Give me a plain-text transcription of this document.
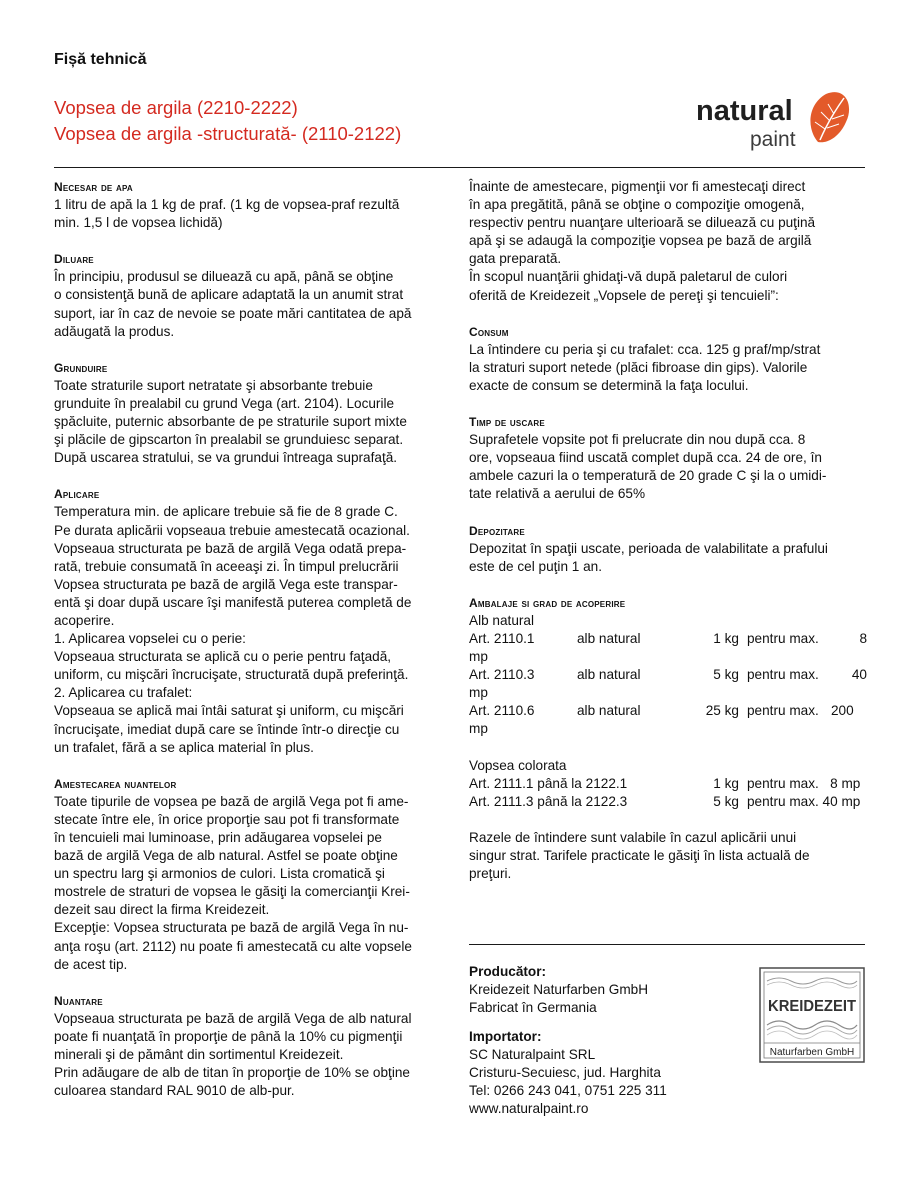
Fișă tehnică
Vopsea de argila (2210-2222)
Vopsea de argila -structurată- (2110-2122)
natural
paint

Necesar de apa

1 litru de apă la 1 kg de praf. (1 kg de vopsea-praf rezultă

min. 1,5 l de vopsea lichidă)

Diluare

În principiu, produsul se diluează cu apă, până se obţine

o consistenţă bună de aplicare adaptată la un anumit strat

suport, iar în caz de nevoie se poate mări cantitatea de apă

adăugată la produs.

Grunduire

Toate straturile suport netratate şi absorbante trebuie

grunduite în prealabil cu grund Vega (art. 2104). Locurile

şpăcluite, puternic absorbante de pe straturile suport mixte

şi plăcile de gipscarton în prealabil se grunduiesc separat.

După uscarea stratului, se va grundui întreaga suprafaţă.

Aplicare

Temperatura min. de aplicare trebuie să fie de 8 grade C.

Pe durata aplicării vopseaua trebuie amestecată ocazional.

Vopseaua structurata pe bază de argilă Vega odată prepa-

rată, trebuie consumată în aceeaşi zi. În timpul prelucrării

Vopsea structurata pe bază de argilă Vega este transpar-

entă şi doar după uscare îşi manifestă puterea completă de

acoperire.

1. Aplicarea vopselei cu o perie:

Vopseaua structurata se aplică cu o perie pentru faţadă,

uniform, cu mişcări încrucişate, structurată după preferinţă.

2. Aplicarea cu trafalet:

Vopseaua se aplică mai întâi saturat şi uniform, cu mişcări

încrucişate, imediat după care se întinde într-o direcţie cu

un trafalet, fără a se aplica material în plus.

Amestecarea nuantelor

Toate tipurile de vopsea pe bază de argilă Vega pot fi ame-

stecate între ele, în orice proporţie sau pot fi transformate

în tencuieli mai luminoase, prin adăugarea vopselei pe

bază de argilă Vega de alb natural. Astfel se poate obţine

un spectru larg şi armonios de culori. Lista cromatică şi

mostrele de straturi de vopsea le găsiţi la comercianţii Krei-

dezeit sau direct la firma Kreidezeit.

Excepţie: Vopsea structurata pe bază de argilă Vega în nu-

anţa roşu (art. 2112) nu poate fi amestecată cu alte vopsele

de acest tip.

Nuantare

Vopseaua structurata pe bază de argilă Vega de alb natural

poate fi nuanţată în proporţie de până la 10% cu pigmenţii

minerali şi de pământ din sortimentul Kreidezeit.

Prin adăugare de alb de titan în proporţie de 10% se obţine

culoarea standard RAL 9010 de alb-pur.

Înainte de amestecare, pigmenţii vor fi amestecaţi direct

în apa pregătită, până se obţine o compoziţie omogenă,

respectiv pentru nuanţare ulterioară se diluează cu puţină

apă şi se adaugă la compoziţie vopsea pe bază de argilă

gata preparată.

În scopul nuanţării ghidaţi-vă după paletarul de culori

oferită de Kreidezeit „Vopsele de pereţi şi tencuieli”:

Consum

La întindere cu peria şi cu trafalet: cca. 125 g praf/mp/strat

la straturi suport netede (plăci fibroase din gips). Valorile

exacte de consum se determină la faţa locului.

Timp de uscare

Suprafetele vopsite pot fi prelucrate din nou după cca. 8

ore, vopseaua fiind uscată complet după cca. 24 de ore, în

ambele cazuri la o temperatură de 20 grade C şi la o umidi-

tate relativă a aerului de 65%

Depozitare

Depozitat în spaţii uscate, perioada de valabilitate a prafului

este de cel puţin 1 an.

Ambalaje si grad de acoperire

Alb natural

Art. 2110.1	alb natural	1 kg pentru max.	8

mp

Art. 2110.3	alb natural	5 kg pentru max.	40

mp

Art. 2110.6	alb natural	25 kg pentru max. 200

mp

Vopsea colorata

Art. 2111.1 până la 2122.1	1 kg pentru max.   8 mp
Art. 2111.3 până la 2122.3	5 kg pentru max. 40 mp

Razele de întindere sunt valabile în cazul aplicării unui

singur strat. Tarifele practicate le găsiţi în lista actuală de

preţuri.

Producător:

Kreidezeit Naturfarben GmbH

Fabricat în Germania

Importator:

SC Naturalpaint SRL

Cristuru-Secuiesc, jud. Harghita

Tel: 0266 243 041, 0751 225 311

www.naturalpaint.ro

KREIDEZEIT
Naturfarben GmbH
